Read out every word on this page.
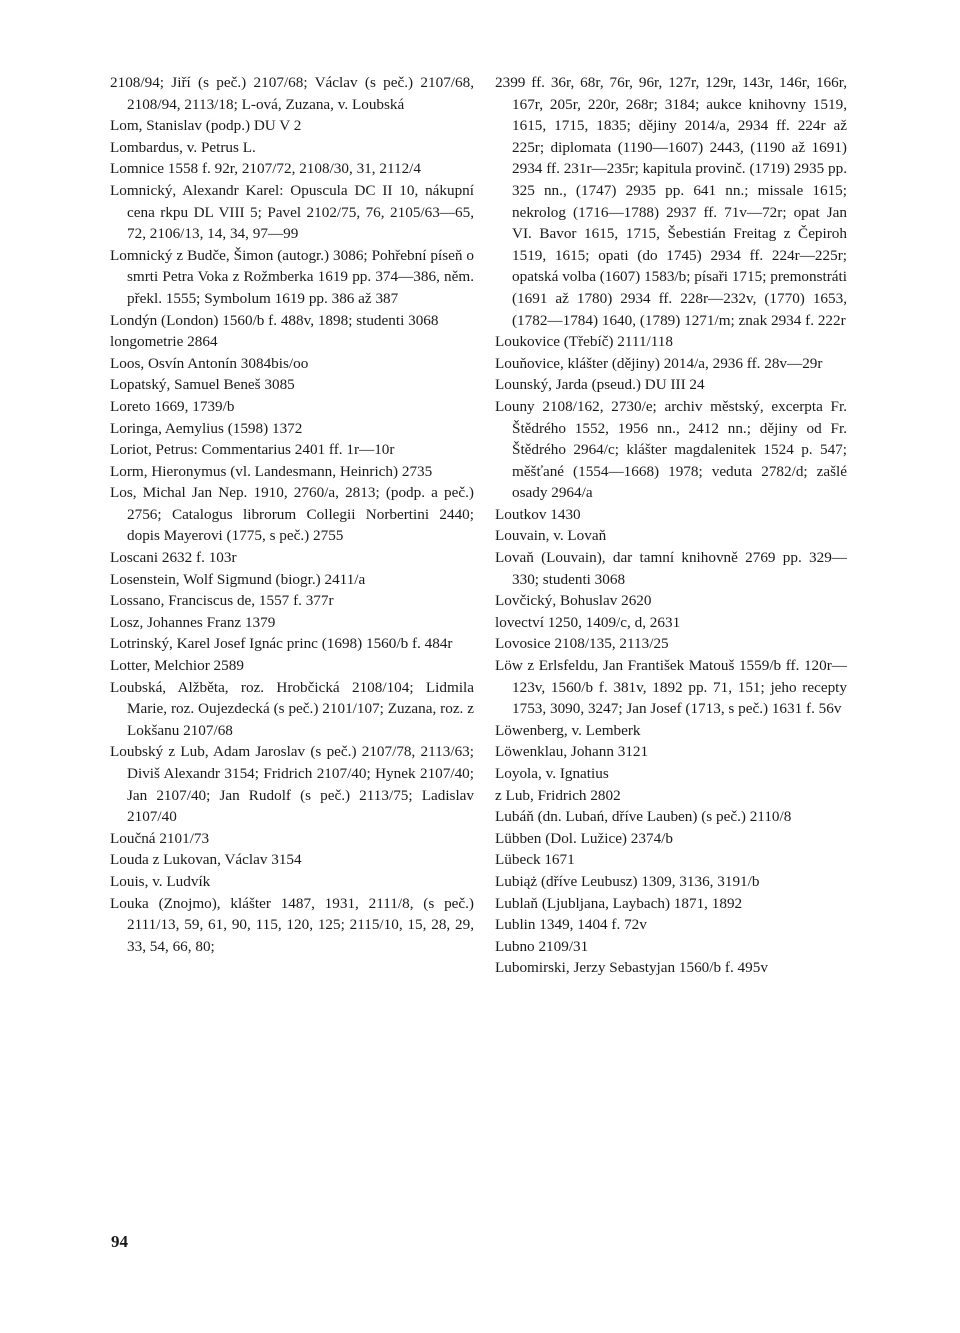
2108/94; Jiří (s peč.) 2107/68; Václav (s peč.) 2107/68, 2108/94, 2113/18; L-ová, Zuzana, v. Loubská

Lom, Stanislav (podp.) DU V 2

Lombardus, v. Petrus L.

Lomnice 1558 f. 92r, 2107/72, 2108/30, 31, 2112/4

Lomnický, Alexandr Karel: Opuscula DC II 10, nákupní cena rkpu DL VIII 5; Pavel 2102/75, 76, 2105/63—65, 72, 2106/13, 14, 34, 97—99

Lomnický z Budče, Šimon (autogr.) 3086; Pohřební píseň o smrti Petra Voka z Rožmberka 1619 pp. 374—386, něm. překl. 1555; Symbolum 1619 pp. 386 až 387

Londýn (London) 1560/b f. 488v, 1898; studenti 3068

longometrie 2864

Loos, Osvín Antonín 3084bis/oo

Lopatský, Samuel Beneš 3085

Loreto 1669, 1739/b

Loringa, Aemylius (1598) 1372

Loriot, Petrus: Commentarius 2401 ff. 1r—10r

Lorm, Hieronymus (vl. Landesmann, Heinrich) 2735

Los, Michal Jan Nep. 1910, 2760/a, 2813; (podp. a peč.) 2756; Catalogus librorum Collegii Norbertini 2440; dopis Mayerovi (1775, s peč.) 2755

Loscani 2632 f. 103r

Losenstein, Wolf Sigmund (biogr.) 2411/a

Lossano, Franciscus de, 1557 f. 377r

Losz, Johannes Franz 1379

Lotrinský, Karel Josef Ignác princ (1698) 1560/b f. 484r

Lotter, Melchior 2589

Loubská, Alžběta, roz. Hrobčická 2108/104; Lidmila Marie, roz. Oujezdecká (s peč.) 2101/107; Zuzana, roz. z Lokšanu 2107/68

Loubský z Lub, Adam Jaroslav (s peč.) 2107/78, 2113/63; Diviš Alexandr 3154; Fridrich 2107/40; Hynek 2107/40; Jan 2107/40; Jan Rudolf (s peč.) 2113/75; Ladislav 2107/40

Loučná 2101/73

Louda z Lukovan, Václav 3154

Louis, v. Ludvík

Louka (Znojmo), klášter 1487, 1931, 2111/8, (s peč.) 2111/13, 59, 61, 90, 115, 120, 125; 2115/10, 15, 28, 29, 33, 54, 66, 80;

2399 ff. 36r, 68r, 76r, 96r, 127r, 129r, 143r, 146r, 166r, 167r, 205r, 220r, 268r; 3184; aukce knihovny 1519, 1615, 1715, 1835; dějiny 2014/a, 2934 ff. 224r až 225r; diplomata (1190—1607) 2443, (1190 až 1691) 2934 ff. 231r—235r; kapitula provinč. (1719) 2935 pp. 325 nn., (1747) 2935 pp. 641 nn.; missale 1615; nekrolog (1716—1788) 2937 ff. 71v—72r; opat Jan VI. Bavor 1615, 1715, Šebestián Freitag z Čepiroh 1519, 1615; opati (do 1745) 2934 ff. 224r—225r; opatská volba (1607) 1583/b; písaři 1715; premonstráti (1691 až 1780) 2934 ff. 228r—232v, (1770) 1653, (1782—1784) 1640, (1789) 1271/m; znak 2934 f. 222r

Loukovice (Třebíč) 2111/118

Louňovice, klášter (dějiny) 2014/a, 2936 ff. 28v—29r

Lounský, Jarda (pseud.) DU III 24

Louny 2108/162, 2730/e; archiv městský, excerpta Fr. Štědrého 1552, 1956 nn., 2412 nn.; dějiny od Fr. Štědrého 2964/c; klášter magdalenitek 1524 p. 547; měšťané (1554—1668) 1978; veduta 2782/d; zašlé osady 2964/a

Loutkov 1430

Louvain, v. Lovaň

Lovaň (Louvain), dar tamní knihovně 2769 pp. 329—330; studenti 3068

Lovčický, Bohuslav 2620

lovectví 1250, 1409/c, d, 2631

Lovosice 2108/135, 2113/25

Löw z Erlsfeldu, Jan František Matouš 1559/b ff. 120r—123v, 1560/b f. 381v, 1892 pp. 71, 151; jeho recepty 1753, 3090, 3247; Jan Josef (1713, s peč.) 1631 f. 56v

Löwenberg, v. Lemberk

Löwenklau, Johann 3121

Loyola, v. Ignatius

z Lub, Fridrich 2802

Lubáň (dn. Lubań, dříve Lauben) (s peč.) 2110/8

Lübben (Dol. Lužice) 2374/b

Lübeck 1671

Lubiąż (dříve Leubusz) 1309, 3136, 3191/b

Lublaň (Ljubljana, Laybach) 1871, 1892

Lublin 1349, 1404 f. 72v

Lubno 2109/31

Lubomirski, Jerzy Sebastyjan 1560/b f. 495v

94
